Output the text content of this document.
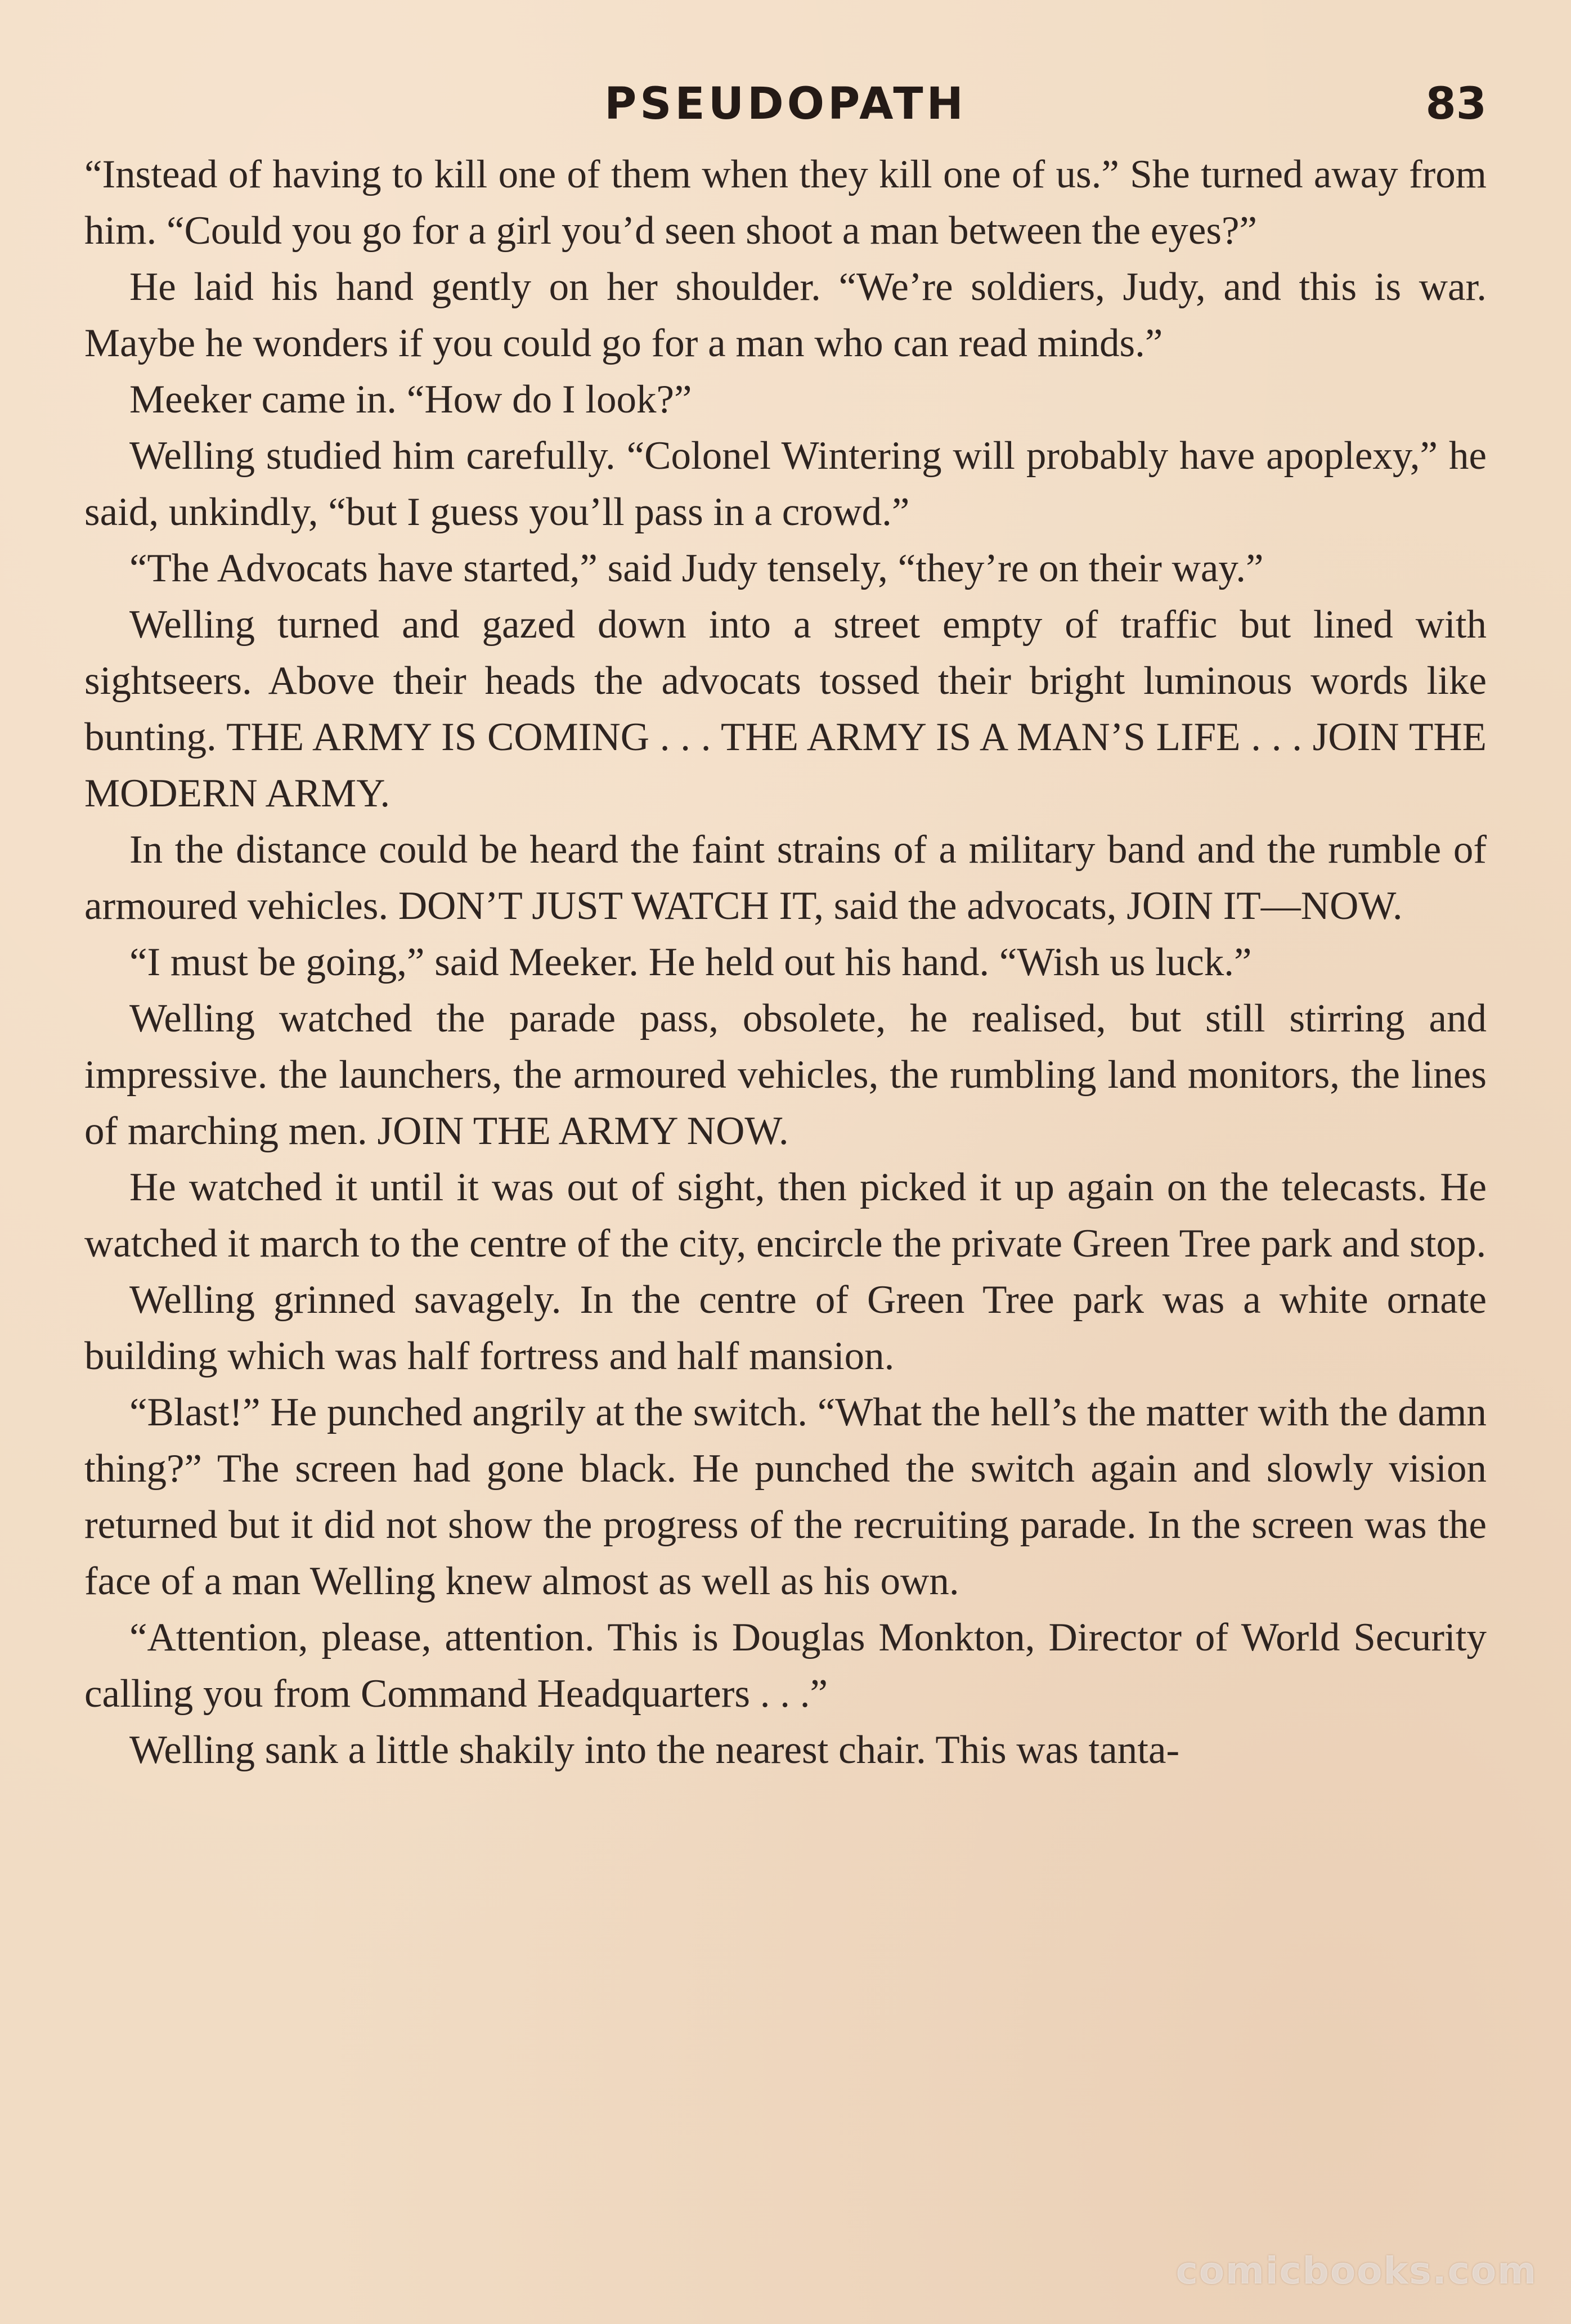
PSEUDOPATH	83

“Instead of having to kill one of them when they kill one of us.” She turned away from him. “Could you go for a girl you’d seen shoot a man between the eyes?”

He laid his hand gently on her shoulder. “We’re soldiers, Judy, and this is war. Maybe he wonders if you could go for a man who can read minds.”

Meeker came in. “How do I look?”

Welling studied him carefully. “Colonel Wintering will probably have apoplexy,” he said, unkindly, “but I guess you’ll pass in a crowd.”

“The Advocats have started,” said Judy tensely, “they’re on their way.”

Welling turned and gazed down into a street empty of traffic but lined with sightseers. Above their heads the advocats tossed their bright luminous words like bunting. THE ARMY IS COMING . . . THE ARMY IS A MAN’S LIFE . . . JOIN THE MODERN ARMY.

In the distance could be heard the faint strains of a military band and the rumble of armoured vehicles. DON’T JUST WATCH IT, said the advocats, JOIN IT—NOW.

“I must be going,” said Meeker. He held out his hand. “Wish us luck.”

Welling watched the parade pass, obsolete, he realised, but still stirring and impressive. the launchers, the armoured vehicles, the rumbling land monitors, the lines of marching men. JOIN THE ARMY NOW.

He watched it until it was out of sight, then picked it up again on the telecasts. He watched it march to the centre of the city, encircle the private Green Tree park and stop.

Welling grinned savagely. In the centre of Green Tree park was a white ornate building which was half fortress and half mansion.

“Blast!” He punched angrily at the switch. “What the hell’s the matter with the damn thing?” The screen had gone black. He punched the switch again and slowly vision returned but it did not show the progress of the recruiting parade. In the screen was the face of a man Welling knew almost as well as his own.

“Attention, please, attention. This is Douglas Monkton, Director of World Security calling you from Command Headquarters . . .”

Welling sank a little shakily into the nearest chair. This was tanta-

comicbooks.com
